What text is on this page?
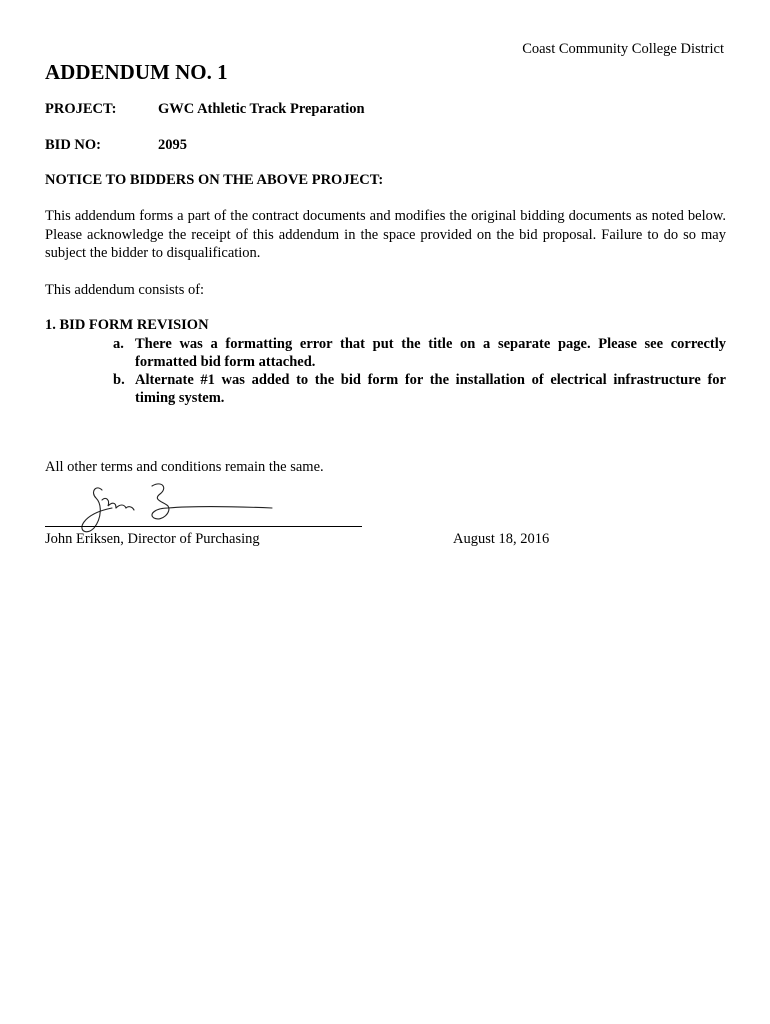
Coast Community College District
ADDENDUM NO. 1
PROJECT:	GWC Athletic Track Preparation
BID NO:	2095
NOTICE TO BIDDERS ON THE ABOVE PROJECT:
This addendum forms a part of the contract documents and modifies the original bidding documents as noted below. Please acknowledge the receipt of this addendum in the space provided on the bid proposal. Failure to do so may subject the bidder to disqualification.
This addendum consists of:
1. BID FORM REVISION
a. There was a formatting error that put the title on a separate page. Please see correctly formatted bid form attached.
b. Alternate #1 was added to the bid form for the installation of electrical infrastructure for timing system.
All other terms and conditions remain the same.
John Eriksen, Director of Purchasing	August 18, 2016
